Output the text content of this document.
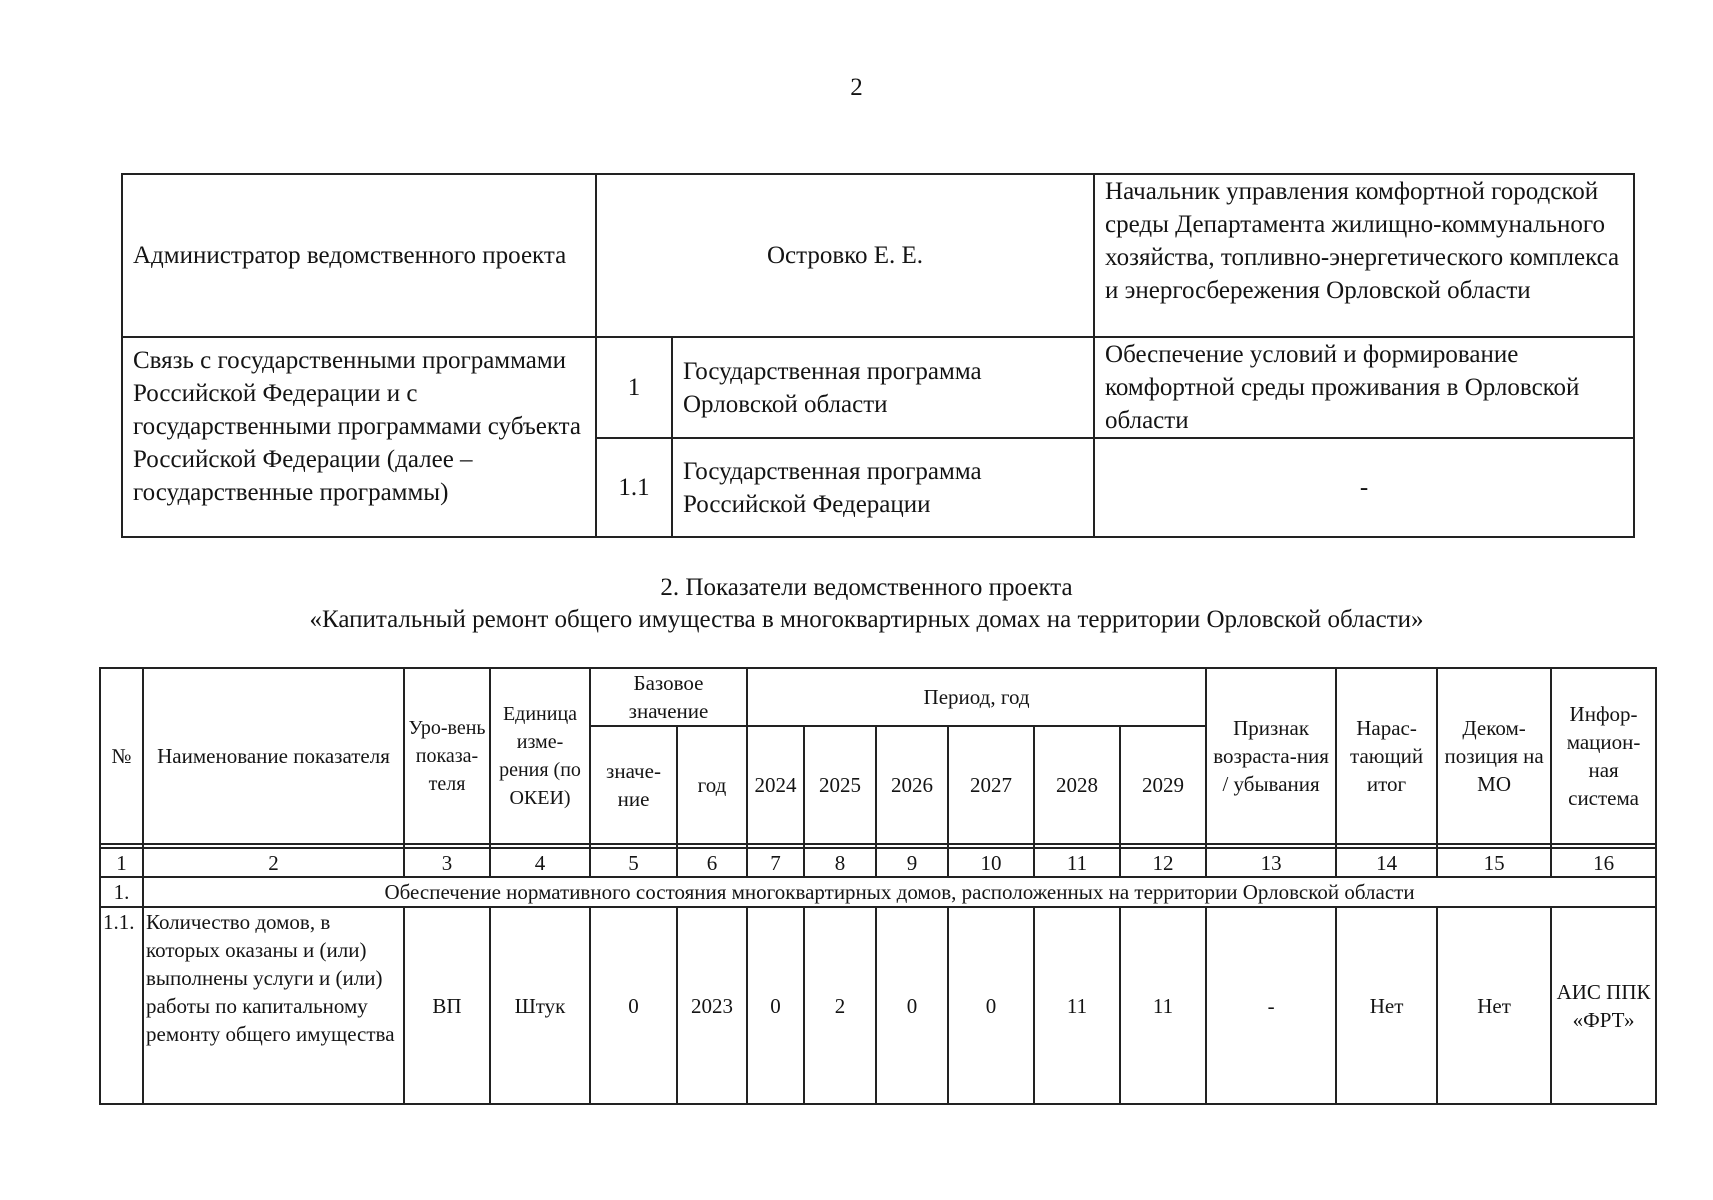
2
Администратор ведомственного проекта	Островко Е. Е.		Начальник управления комфортной городской среды Департамента жилищно-коммунального хозяйства, топливно-энергетического комплекса и энергосбережения Орловской области
Связь с государственными программами Российской Федерации и с государственными программами субъекта Российской Федерации (далее – государственные программы)	1	Государственная программа Орловской области	Обеспечение условий и формирование комфортной среды проживания в Орловской области
	1.1	Государственная программа Российской Федерации	-
2. Показатели ведомственного проекта
«Капитальный ремонт общего имущества в многоквартирных домах на территории Орловской области»
№	Наименование показателя	Уро-вень показа-теля	Единица изме-рения (по ОКЕИ)	Базовое значение		Период, год						Признак возраста-ния / убывания	Нарас-тающий итог	Деком-позиция на МО	Инфор-мацион-ная система
				значе-ние	год	2024	2025	2026	2027	2028	2029				

1	2	3	4	5	6	7	8	9	10	11	12	13	14	15	16
1.	Обеспечение нормативного состояния многоквартирных домов, расположенных на территории Орловской области														
1.1.	Количество домов, в которых оказаны и (или) выполнены услуги и (или) работы по капитальному ремонту общего имущества	ВП	Штук	0	2023	0	2	0	0	11	11	-	Нет	Нет	АИС ППК «ФРТ»
